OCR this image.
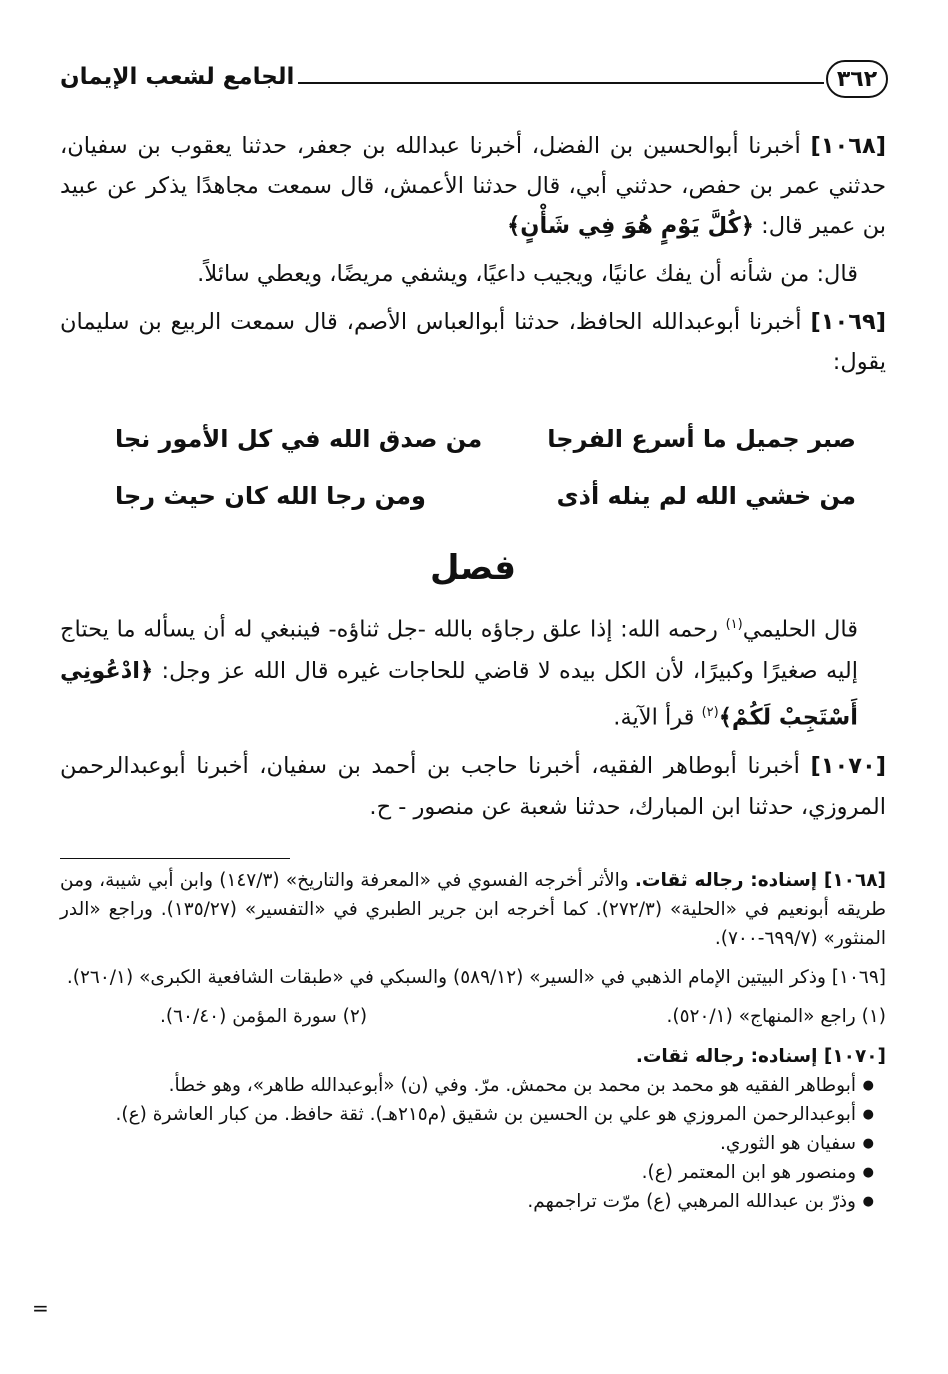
٣٦٢
الجامع لشعب الإيمان

[١٠٦٨] أخبرنا أبوالحسين بن الفضل، أخبرنا عبدالله بن جعفر، حدثنا يعقوب بن سفيان، حدثني عمر بن حفص، حدثني أبي، قال حدثنا الأعمش، قال سمعت مجاهدًا يذكر عن عبيد بن عمير قال: ﴿كُلَّ يَوْمٍ هُوَ فِي شَأْنٍ﴾

قال: من شأنه أن يفك عانيًا، ويجيب داعيًا، ويشفي مريضًا، ويعطي سائلاً.

[١٠٦٩] أخبرنا أبوعبدالله الحافظ، حدثنا أبوالعباس الأصم، قال سمعت الربيع بن سليمان يقول:

صبر جميل ما أسرع الفرجا
من صدق الله في كل الأمور نجا
من خشي الله لم ينله أذى
ومن رجا الله كان حيث رجا
فصل

قال الحليمي$^{(١)}$ رحمه الله: إذا علق رجاؤه بالله -جل ثناؤه- فينبغي له أن يسأله ما يحتاج إليه صغيرًا وكبيرًا، لأن الكل بيده لا قاضي للحاجات غيره قال الله عز وجل: ﴿ادْعُونِي أَسْتَجِبْ لَكُمْ﴾$^{(٢)}$ قرأ الآية.

[١٠٧٠] أخبرنا أبوطاهر الفقيه، أخبرنا حاجب بن أحمد بن سفيان، أخبرنا أبوعبدالرحمن المروزي، حدثنا ابن المبارك، حدثنا شعبة عن منصور - ح.

[١٠٦٨] إسناده: رجاله ثقات. والأثر أخرجه الفسوي في «المعرفة والتاريخ» (١٤٧/٣) وابن أبي شيبة، ومن طريقه أبونعيم في «الحلية» (٢٧٢/٣). كما أخرجه ابن جرير الطبري في «التفسير» (١٣٥/٢٧). وراجع «الدر المنثور» (٦٩٩/٧-٧٠٠).

[١٠٦٩] وذكر البيتين الإمام الذهبي في «السير» (٥٨٩/١٢) والسبكي في «طبقات الشافعية الكبرى» (٢٦٠/١).

(١) راجع «المنهاج» (٥٢٠/١).
(٢) سورة المؤمن (٦٠/٤٠).

[١٠٧٠] إسناده: رجاله ثقات.

● أبوطاهر الفقيه هو محمد بن محمد بن محمش. مرّ. وفي (ن) «أبوعبدالله طاهر»، وهو خطأ.
● أبوعبدالرحمن المروزي هو علي بن الحسين بن شقيق (م٢١٥هـ). ثقة حافظ. من كبار العاشرة (ع).
● سفيان هو الثوري.
● ومنصور هو ابن المعتمر (ع).
● وذرّ بن عبدالله المرهبي (ع) مرّت تراجمهم.
=
